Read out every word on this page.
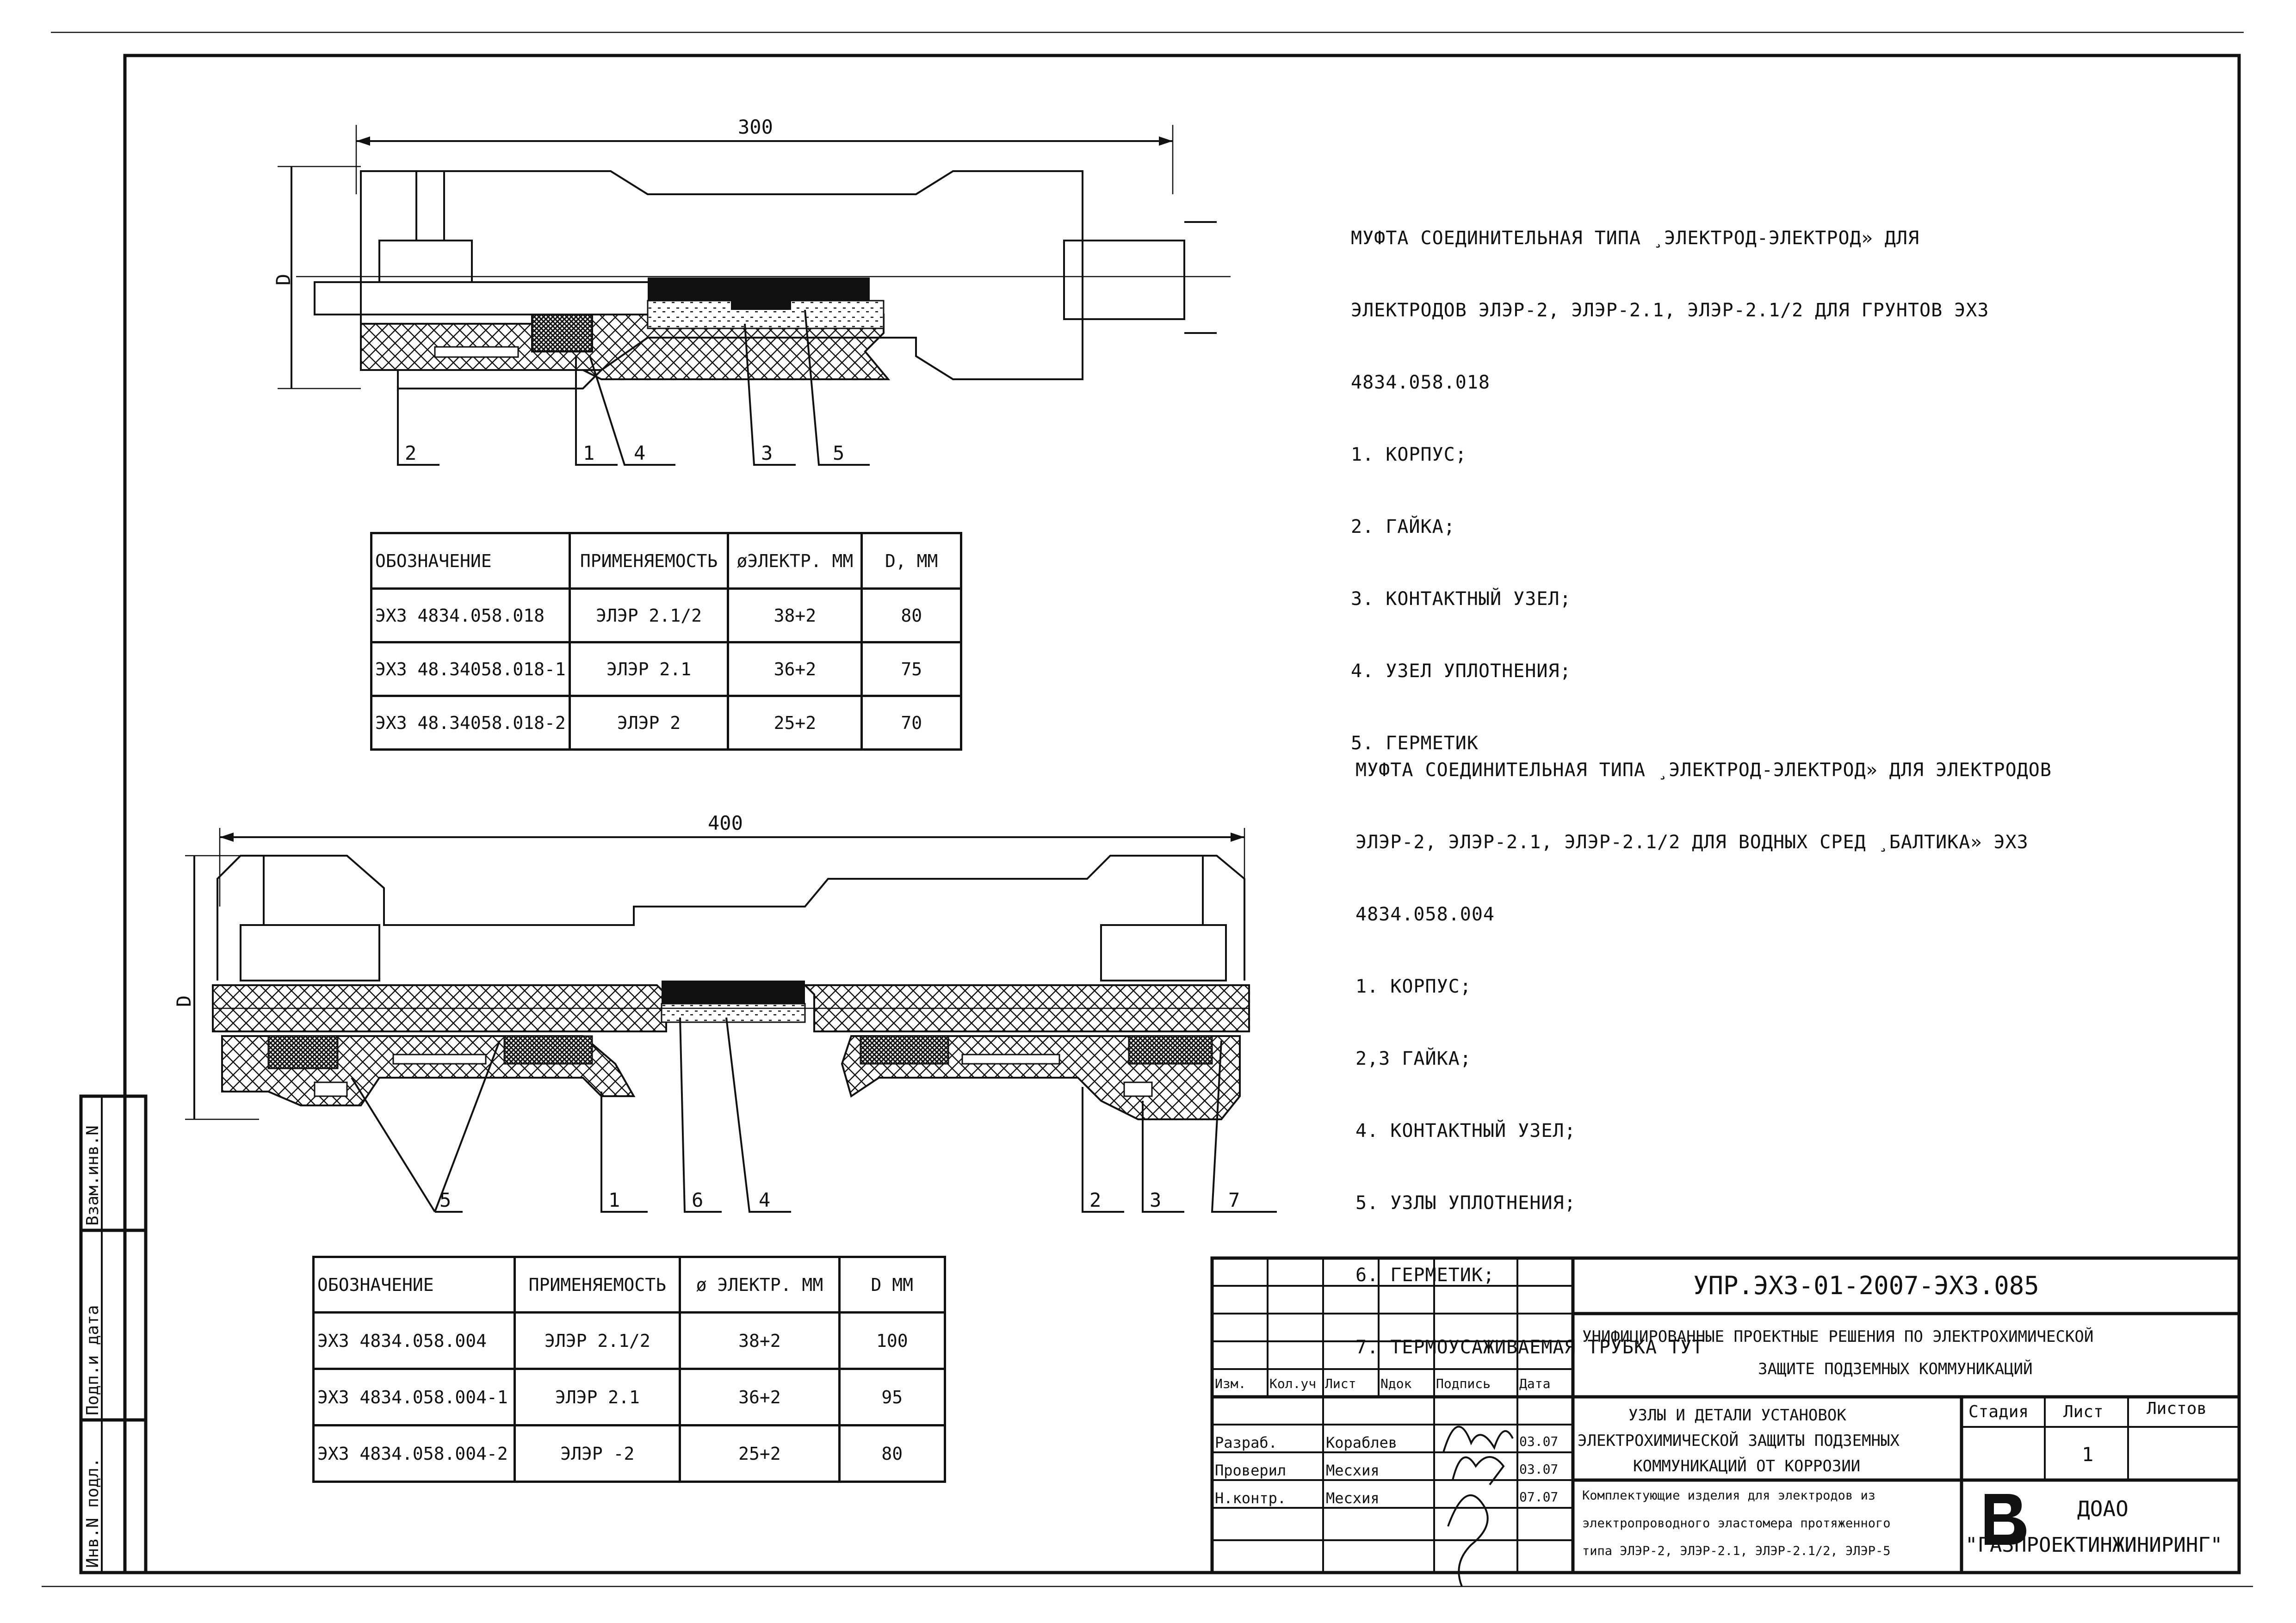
300
D
2	1 4	3	5
400
D
5	1	6	4	2 3	7

МУФТА СОЕДИНИТЕЛЬНАЯ ТИПА ¸ЭЛЕКТРОД-ЭЛЕКТРОД» ДЛЯ

ЭЛЕКТРОДОВ ЭЛЭР-2, ЭЛЭР-2.1, ЭЛЭР-2.1/2 ДЛЯ ГРУНТОВ ЭХЗ

4834.058.018

1. КОРПУС;

2. ГАЙКА;

3. КОНТАКТНЫЙ УЗЕЛ;

4. УЗЕЛ УПЛОТНЕНИЯ;

5. ГЕРМЕТИК

МУФТА СОЕДИНИТЕЛЬНАЯ ТИПА ¸ЭЛЕКТРОД-ЭЛЕКТРОД» ДЛЯ ЭЛЕКТРОДОВ

ЭЛЭР-2, ЭЛЭР-2.1, ЭЛЭР-2.1/2 ДЛЯ ВОДНЫХ СРЕД ¸БАЛТИКА» ЭХЗ

4834.058.004

1. КОРПУС;

2,3 ГАЙКА;

4. КОНТАКТНЫЙ УЗЕЛ;

5. УЗЛЫ УПЛОТНЕНИЯ;

6. ГЕРМЕТИК;

7. ТЕРМОУСАЖИВАЕМАЯ ТРУБКА ТУТ

ОБОЗНАЧЕНИЕ	ПРИМЕНЯЕМОСТЬ	øЭЛЕКТР. ММ	D, ММ
ЭХЗ 4834.058.018	ЭЛЭР 2.1/2	38+2	80
ЭХЗ 48.34058.018-1	ЭЛЭР 2.1	36+2	75
ЭХЗ 48.34058.018-2	ЭЛЭР 2	25+2	70
ОБОЗНАЧЕНИЕ	ПРИМЕНЯЕМОСТЬ	ø ЭЛЕКТР. ММ	D ММ
ЭХЗ 4834.058.004	ЭЛЭР 2.1/2	38+2	100
ЭХЗ 4834.058.004-1	ЭЛЭР 2.1	36+2	95
ЭХЗ 4834.058.004-2	ЭЛЭР -2	25+2	80
Взам.инв.N
Подп.и дата
Инв.N подл.
УПР.ЭХЗ-01-2007-ЭХЗ.085
УНИФИЦИРОВАННЫЕ ПРОЕКТНЫЕ РЕШЕНИЯ ПО ЭЛЕКТРОХИМИЧЕСКОЙ
ЗАЩИТЕ ПОДЗЕМНЫХ КОММУНИКАЦИЙ
Изм. Кол.уч Лист Nдок Подпись Дата
Разраб.	Кораблев	03.07
Проверил	Месхия	03.07
Н.контр.	Месхия	07.07
УЗЛЫ И ДЕТАЛИ УСТАНОВОК
ЭЛЕКТРОХИМИЧЕСКОЙ ЗАЩИТЫ ПОДЗЕМНЫХ
КОММУНИКАЦИЙ ОТ КОРРОЗИИ
Комплектующие изделия для электродов из
электропроводного эластомера протяженного
типа ЭЛЭР-2, ЭЛЭР-2.1, ЭЛЭР-2.1/2, ЭЛЭР-5
Стадия Лист	Листов
1
ДОАО
"ГАЗПРОЕКТИНЖИНИРИНГ"
